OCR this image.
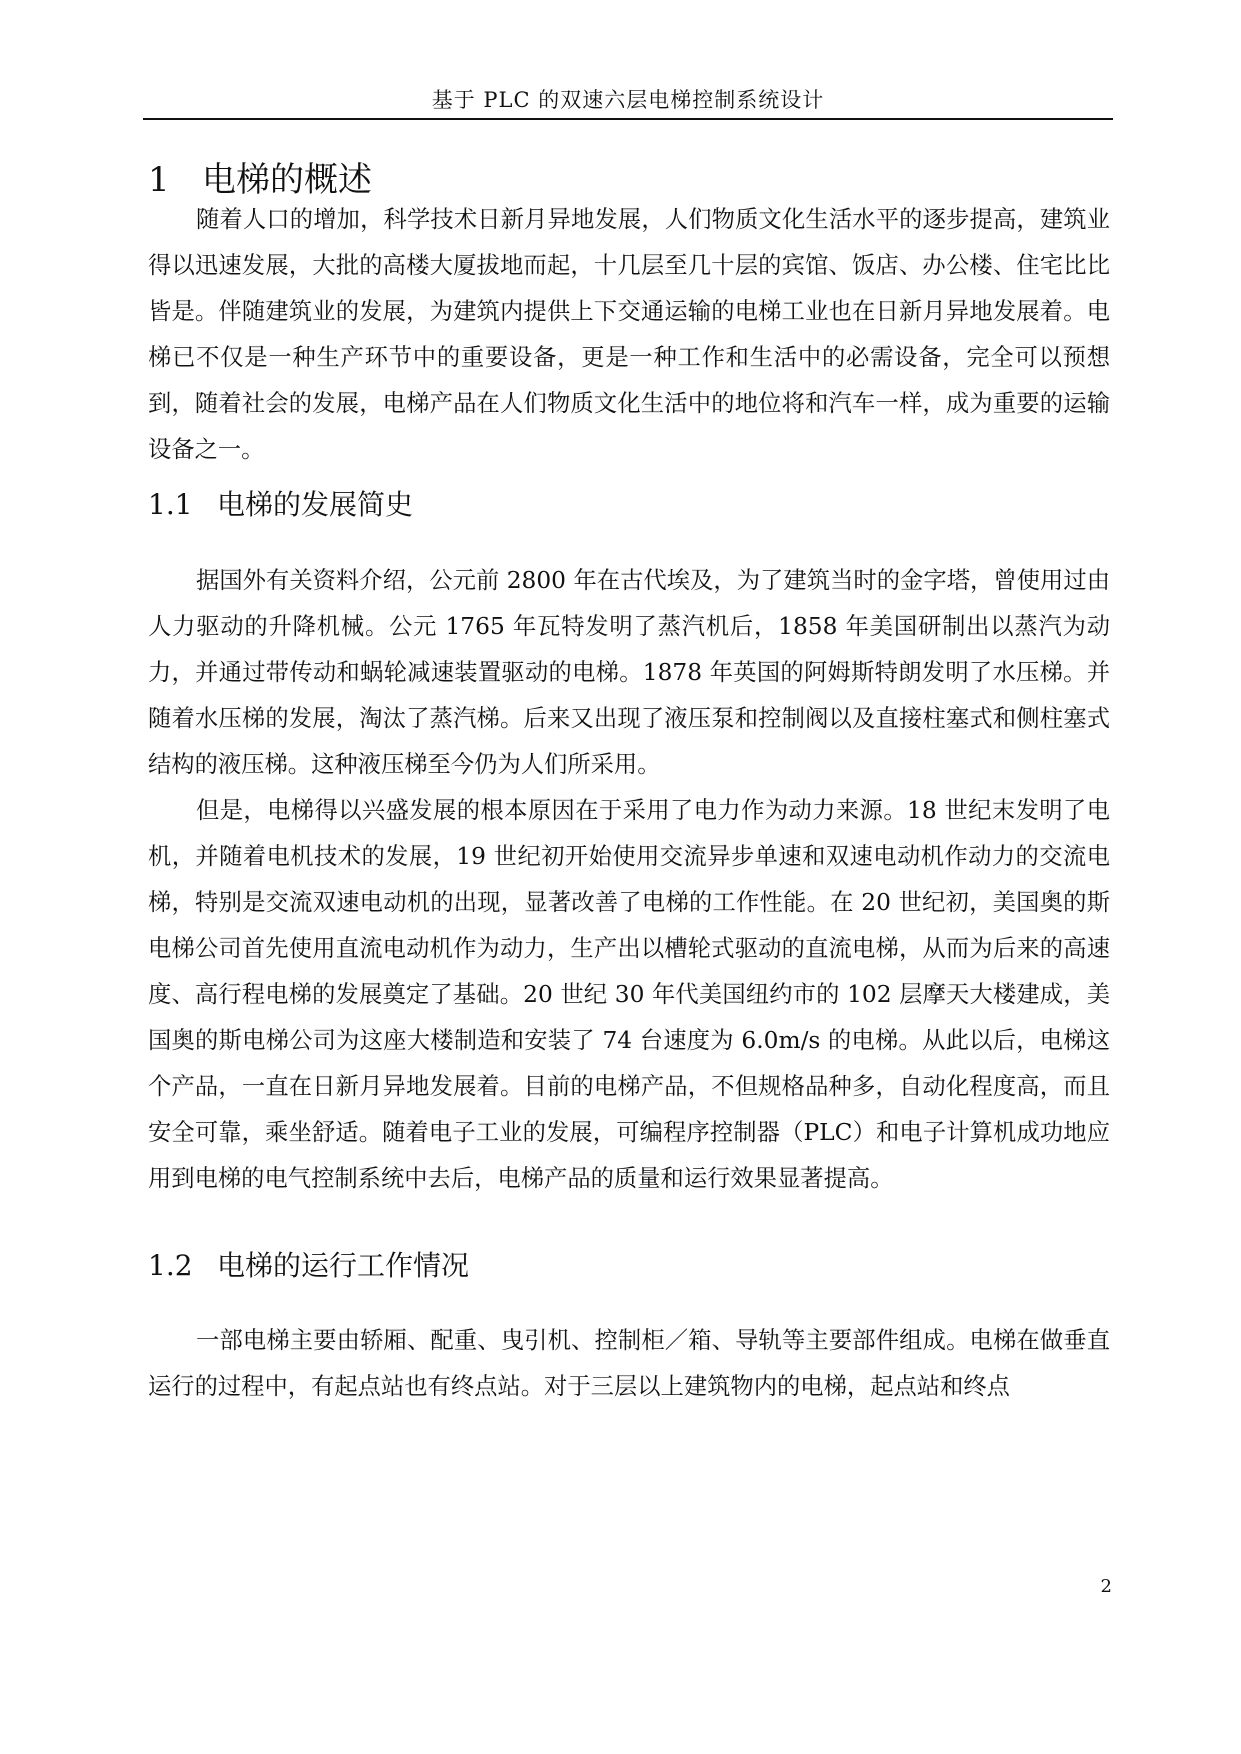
基于 PLC 的双速六层电梯控制系统设计
1 电梯的概述

随着人口的增加，科学技术日新月异地发展，人们物质文化生活水平的逐步提高，建筑业得以迅速发展，大批的高楼大厦拔地而起，十几层至几十层的宾馆、饭店、办公楼、住宅比比皆是。伴随建筑业的发展，为建筑内提供上下交通运输的电梯工业也在日新月异地发展着。电梯已不仅是一种生产环节中的重要设备，更是一种工作和生活中的必需设备，完全可以预想到，随着社会的发展，电梯产品在人们物质文化生活中的地位将和汽车一样，成为重要的运输设备之一。

1.1 电梯的发展简史

据国外有关资料介绍，公元前 2800 年在古代埃及，为了建筑当时的金字塔，曾使用过由人力驱动的升降机械。公元 1765 年瓦特发明了蒸汽机后，1858 年美国研制出以蒸汽为动力，并通过带传动和蜗轮减速装置驱动的电梯。1878 年英国的阿姆斯特朗发明了水压梯。并随着水压梯的发展，淘汰了蒸汽梯。后来又出现了液压泵和控制阀以及直接柱塞式和侧柱塞式结构的液压梯。这种液压梯至今仍为人们所采用。

但是，电梯得以兴盛发展的根本原因在于采用了电力作为动力来源。18 世纪末发明了电机，并随着电机技术的发展，19 世纪初开始使用交流异步单速和双速电动机作动力的交流电梯，特别是交流双速电动机的出现，显著改善了电梯的工作性能。在 20 世纪初，美国奥的斯电梯公司首先使用直流电动机作为动力，生产出以槽轮式驱动的直流电梯，从而为后来的高速度、高行程电梯的发展奠定了基础。20 世纪 30 年代美国纽约市的 102 层摩天大楼建成，美国奥的斯电梯公司为这座大楼制造和安装了 74 台速度为 6.0m/s 的电梯。从此以后，电梯这个产品，一直在日新月异地发展着。目前的电梯产品，不但规格品种多，自动化程度高，而且安全可靠，乘坐舒适。随着电子工业的发展，可编程序控制器（PLC）和电子计算机成功地应用到电梯的电气控制系统中去后，电梯产品的质量和运行效果显著提高。

1.2 电梯的运行工作情况

一部电梯主要由轿厢、配重、曳引机、控制柜／箱、导轨等主要部件组成。电梯在做垂直运行的过程中，有起点站也有终点站。对于三层以上建筑物内的电梯，起点站和终点

2
